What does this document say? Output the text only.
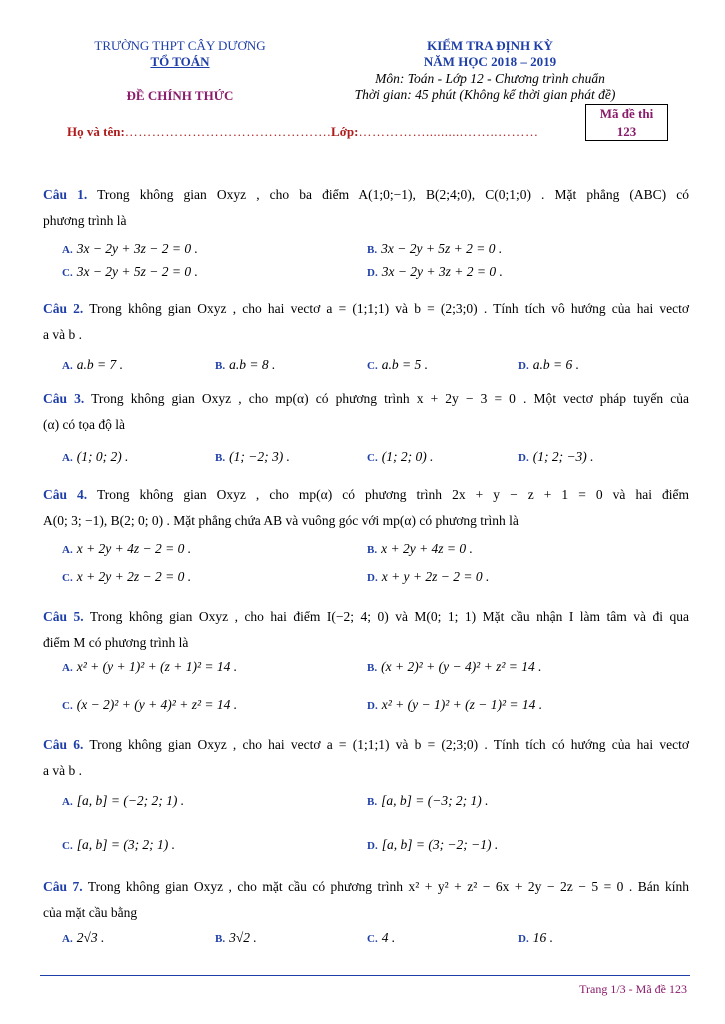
TRƯỜNG THPT CÂY DƯƠNG
TỔ TOÁN
ĐỀ CHÍNH THỨC
KIỂM TRA ĐỊNH KỲ
NĂM HỌC 2018 – 2019
Môn: Toán - Lớp 12 - Chương trình chuẩn
Thời gian: 45 phút (Không kể thời gian phát đề)
Mã đề thi
123
Họ và tên:……………………………………….Lớp:……………..........……..………
Câu 1. Trong không gian Oxyz , cho ba điểm A(1;0;−1), B(2;4;0), C(0;1;0) . Mặt phẳng (ABC) có
phương trình là
A. 3x − 2y + 3z − 2 = 0 .	B. 3x − 2y + 5z + 2 = 0 .
C. 3x − 2y + 5z − 2 = 0 .	D. 3x − 2y + 3z + 2 = 0 .
Câu 2. Trong không gian Oxyz , cho hai vectơ a = (1;1;1) và b = (2;3;0) . Tính tích vô hướng của hai vectơ
a và b .
A. a.b = 7 .	B. a.b = 8 .	C. a.b = 5 .	D. a.b = 6 .
Câu 3. Trong không gian Oxyz , cho mp(α) có phương trình x + 2y − 3 = 0 . Một vectơ pháp tuyến của
(α) có tọa độ là
A. (1; 0; 2) .	B. (1; −2; 3) .	C. (1; 2; 0) .	D. (1; 2; −3) .
Câu 4. Trong không gian Oxyz , cho mp(α) có phương trình 2x + y − z + 1 = 0 và hai điểm
A(0; 3; −1), B(2; 0; 0) . Mặt phẳng chứa AB và vuông góc với mp(α) có phương trình là
A. x + 2y + 4z − 2 = 0 .	B. x + 2y + 4z = 0 .
C. x + 2y + 2z − 2 = 0 .	D. x + y + 2z − 2 = 0 .
Câu 5. Trong không gian Oxyz , cho hai điểm I(−2; 4; 0) và M(0; 1; 1) Mặt cầu nhận I làm tâm và đi qua
điểm M có phương trình là
A. x² + (y + 1)² + (z + 1)² = 14 .	B. (x + 2)² + (y − 4)² + z² = 14 .
C. (x − 2)² + (y + 4)² + z² = 14 .	D. x² + (y − 1)² + (z − 1)² = 14 .
Câu 6. Trong không gian Oxyz , cho hai vectơ a = (1;1;1) và b = (2;3;0) . Tính tích có hướng của hai vectơ
a và b .
A. [a, b] = (−2; 2; 1) .	B. [a, b] = (−3; 2; 1) .
C. [a, b] = (3; 2; 1) .	D. [a, b] = (3; −2; −1) .
Câu 7. Trong không gian Oxyz , cho mặt cầu có phương trình x² + y² + z² − 6x + 2y − 2z − 5 = 0 . Bán kính
của mặt cầu bằng
A. 2√3 .	B. 3√2 .	C. 4 .	D. 16 .
Trang 1/3 - Mã đề 123
